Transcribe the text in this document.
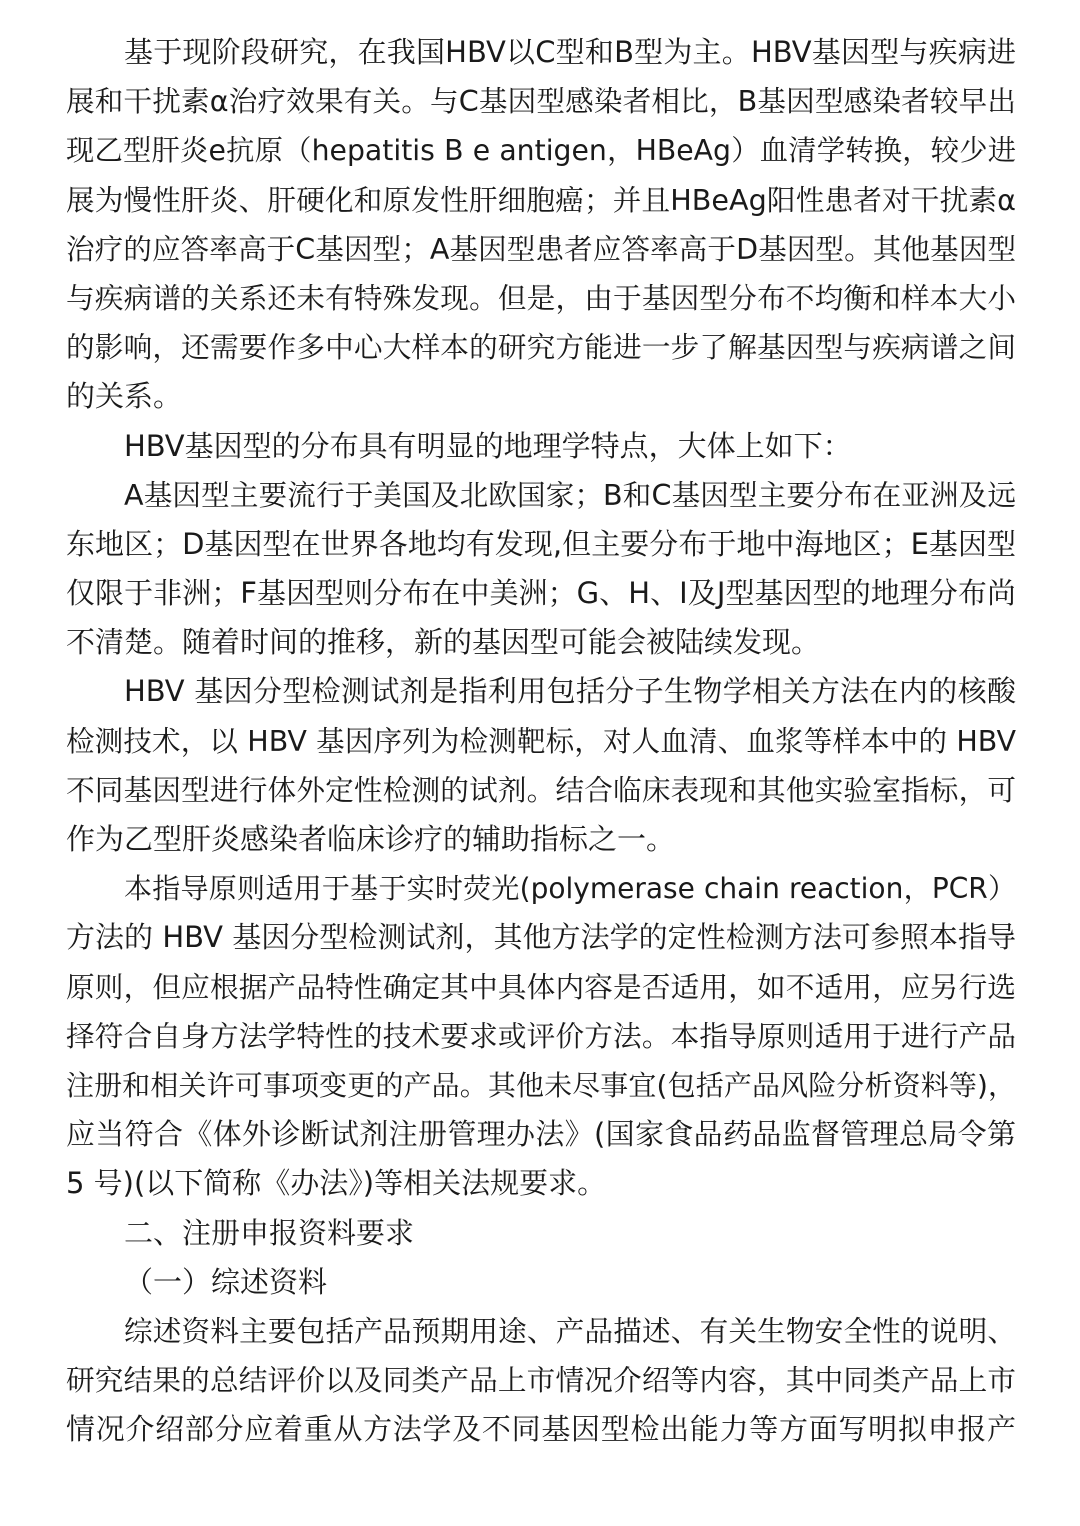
基于现阶段研究，在我国HBV以C型和B型为主。HBV基因型与疾病进
展和干扰素α治疗效果有关。与C基因型感染者相比，B基因型感染者较早出
现乙型肝炎e抗原（hepatitis B e antigen，HBeAg）血清学转换，较少进
展为慢性肝炎、肝硬化和原发性肝细胞癌；并且HBeAg阳性患者对干扰素α
治疗的应答率高于C基因型；A基因型患者应答率高于D基因型。其他基因型
与疾病谱的关系还未有特殊发现。但是，由于基因型分布不均衡和样本大小
的影响，还需要作多中心大样本的研究方能进一步了解基因型与疾病谱之间
的关系。
HBV基因型的分布具有明显的地理学特点，大体上如下：
A基因型主要流行于美国及北欧国家；B和C基因型主要分布在亚洲及远
东地区；D基因型在世界各地均有发现,但主要分布于地中海地区；E基因型
仅限于非洲；F基因型则分布在中美洲；G、H、I及J型基因型的地理分布尚
不清楚。随着时间的推移，新的基因型可能会被陆续发现。
HBV 基因分型检测试剂是指利用包括分子生物学相关方法在内的核酸
检测技术，以 HBV 基因序列为检测靶标，对人血清、血浆等样本中的 HBV
不同基因型进行体外定性检测的试剂。结合临床表现和其他实验室指标，可
作为乙型肝炎感染者临床诊疗的辅助指标之一。
本指导原则适用于基于实时荧光(polymerase chain reaction，PCR）
方法的 HBV 基因分型检测试剂，其他方法学的定性检测方法可参照本指导
原则，但应根据产品特性确定其中具体内容是否适用，如不适用，应另行选
择符合自身方法学特性的技术要求或评价方法。本指导原则适用于进行产品
注册和相关许可事项变更的产品。其他未尽事宜(包括产品风险分析资料等)，
应当符合《体外诊断试剂注册管理办法》(国家食品药品监督管理总局令第
5 号)(以下简称《办法》)等相关法规要求。
二、注册申报资料要求
（一）综述资料
综述资料主要包括产品预期用途、产品描述、有关生物安全性的说明、
研究结果的总结评价以及同类产品上市情况介绍等内容，其中同类产品上市
情况介绍部分应着重从方法学及不同基因型检出能力等方面写明拟申报产
